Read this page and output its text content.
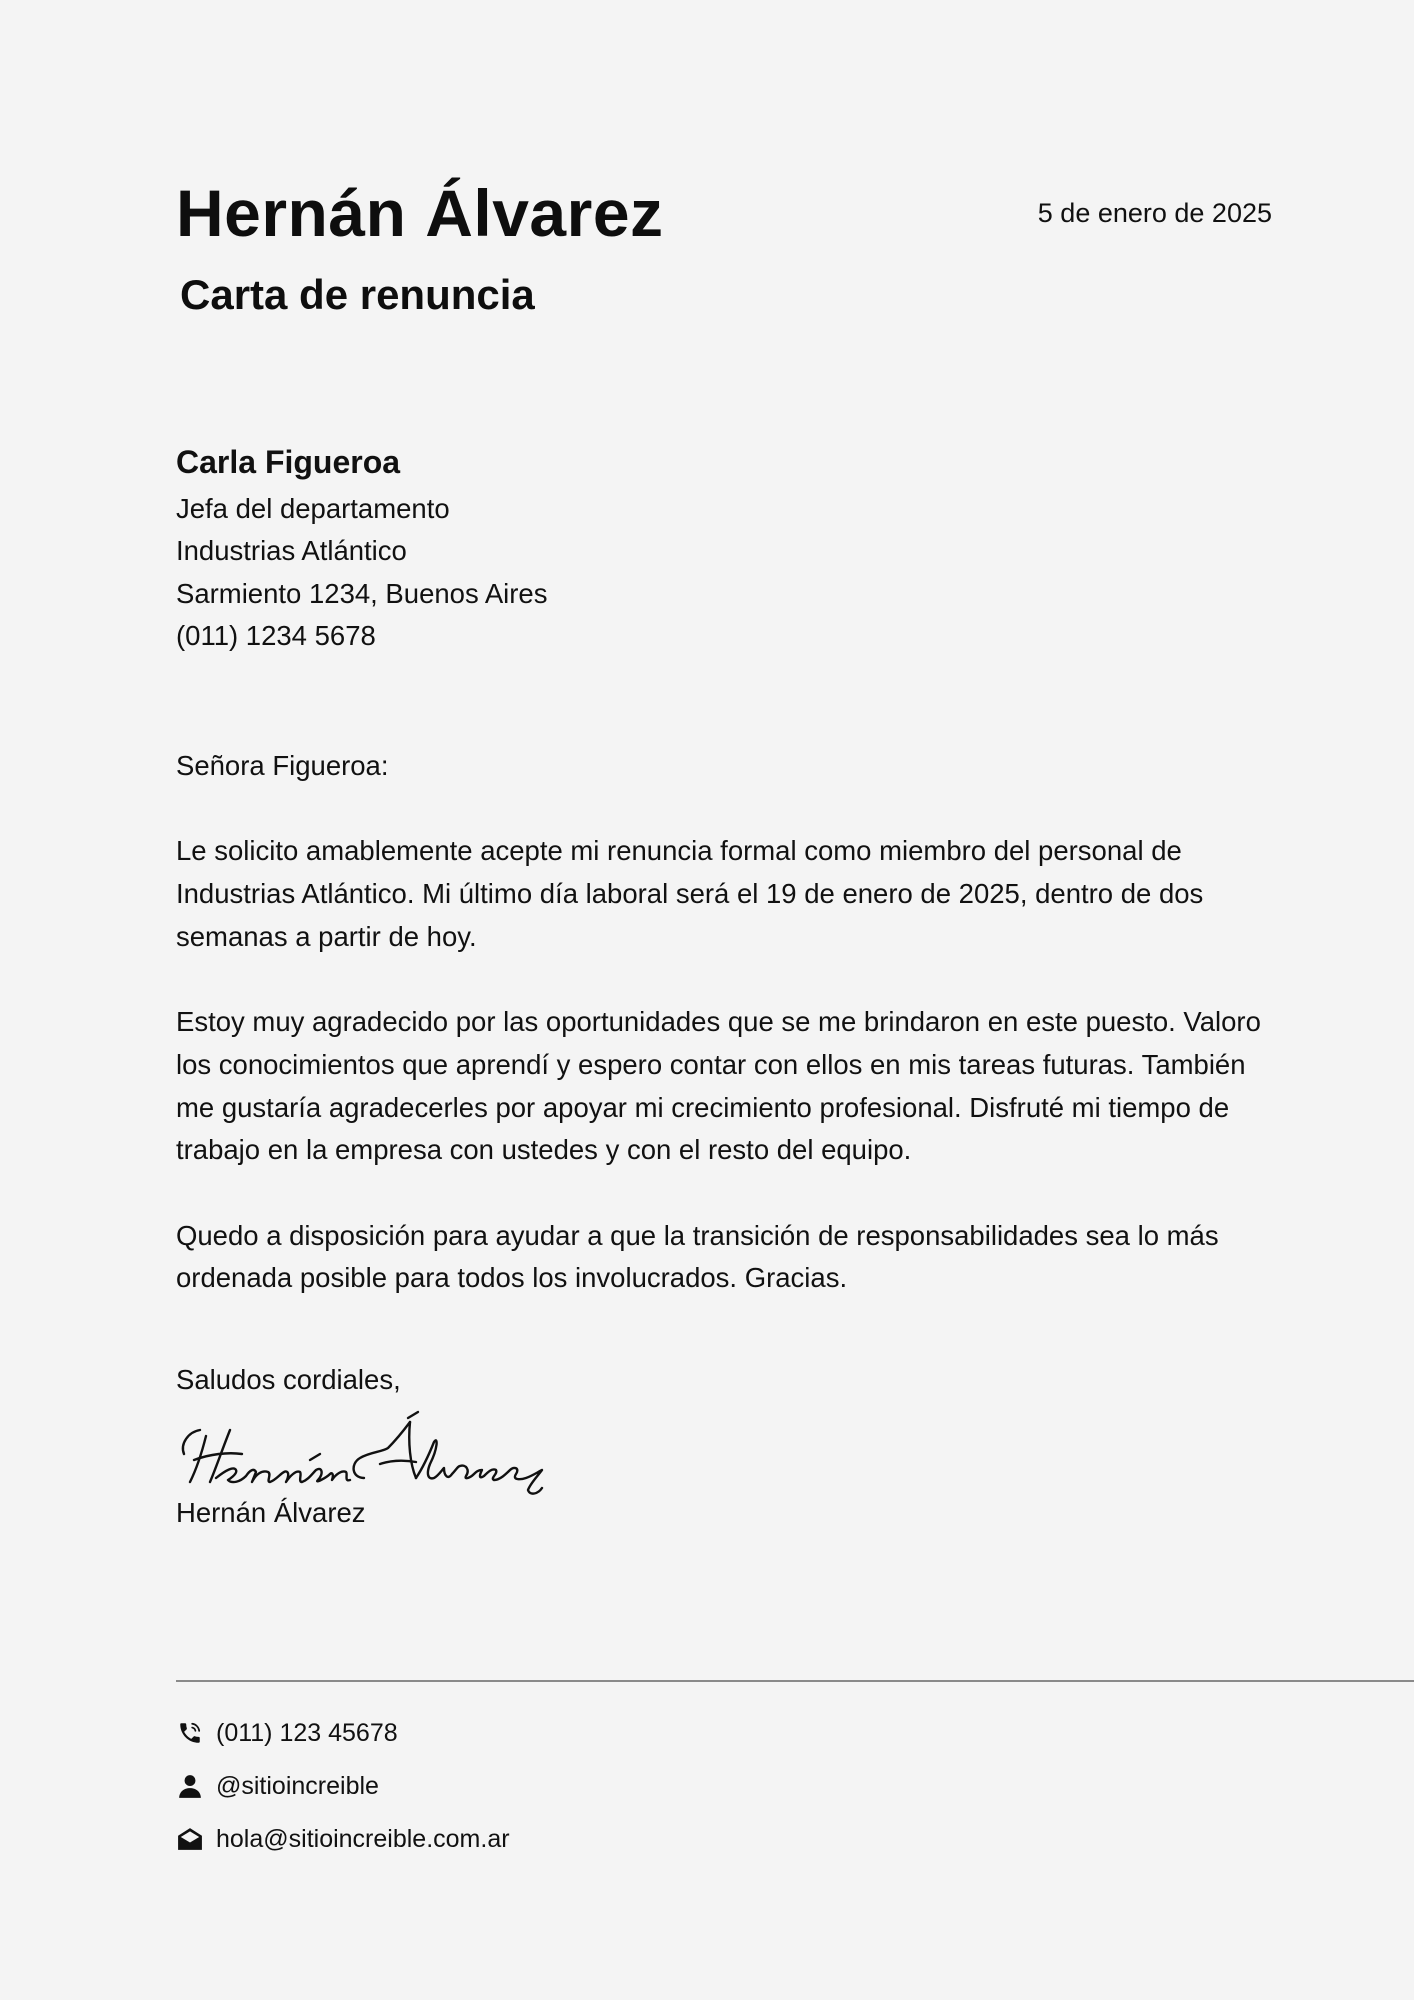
Hernán Álvarez	5 de enero de 2025
Carta de renuncia

Carla Figueroa

Jefa del departamento

Industrias Atlántico

Sarmiento 1234, Buenos Aires

(011) 1234 5678

Señora Figueroa:

Le solicito amablemente acepte mi renuncia formal como miembro del personal de Industrias Atlántico. Mi último día laboral será el 19 de enero de 2025, dentro de dos semanas a partir de hoy.

Estoy muy agradecido por las oportunidades que se me brindaron en este puesto. Valoro los conocimientos que aprendí y espero contar con ellos en mis tareas futuras. También me gustaría agradecerles por apoyar mi crecimiento profesional. Disfruté mi tiempo de trabajo en la empresa con ustedes y con el resto del equipo.

Quedo a disposición para ayudar a que la transición de responsabilidades sea lo más ordenada posible para todos los involucrados. Gracias.

Saludos cordiales,

Hernán Álvarez

(011) 123 45678
@sitioincreible
hola@sitioincreible.com.ar
